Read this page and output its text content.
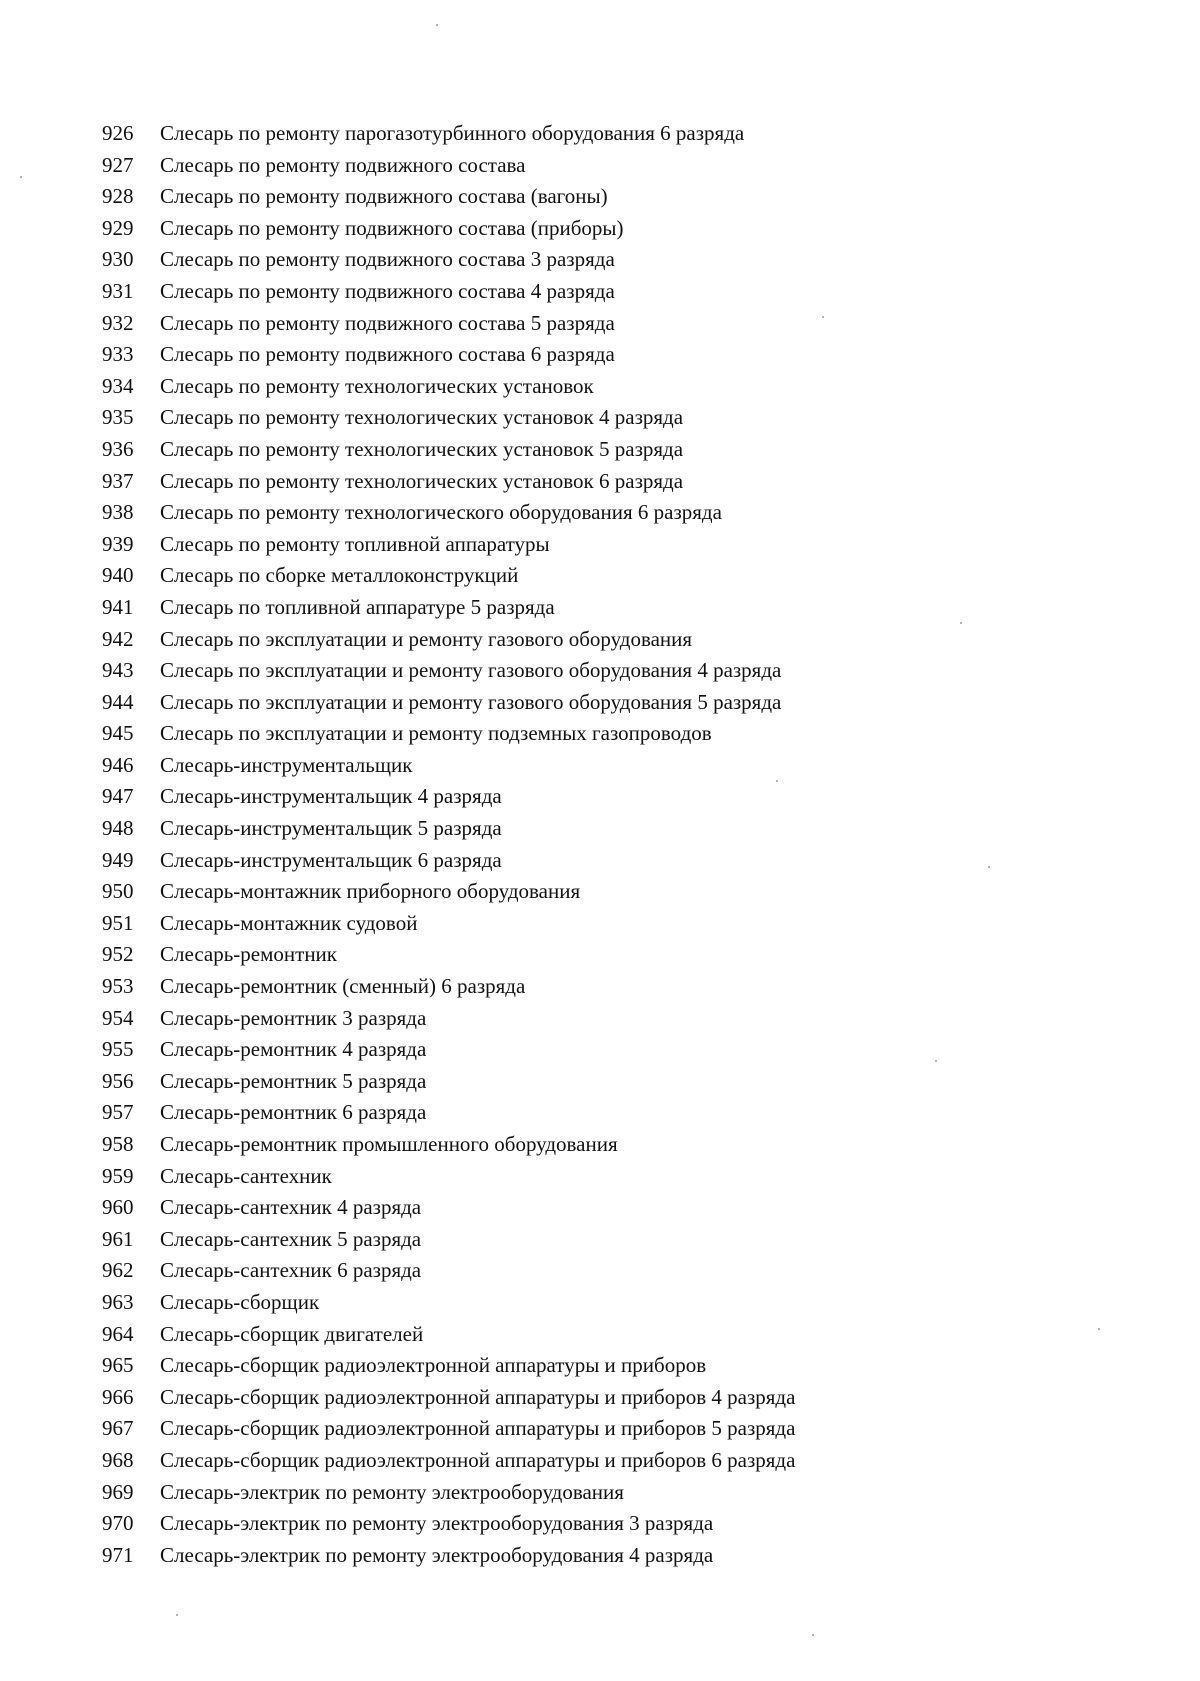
926	Слесарь по ремонту парогазотурбинного оборудования 6 разряда
927	Слесарь по ремонту подвижного состава
928	Слесарь по ремонту подвижного состава (вагоны)
929	Слесарь по ремонту подвижного состава (приборы)
930	Слесарь по ремонту подвижного состава 3 разряда
931	Слесарь по ремонту подвижного состава 4 разряда
932	Слесарь по ремонту подвижного состава 5 разряда
933	Слесарь по ремонту подвижного состава 6 разряда
934	Слесарь по ремонту технологических установок
935	Слесарь по ремонту технологических установок 4 разряда
936	Слесарь по ремонту технологических установок 5 разряда
937	Слесарь по ремонту технологических установок 6 разряда
938	Слесарь по ремонту технологического оборудования 6 разряда
939	Слесарь по ремонту топливной аппаратуры
940	Слесарь по сборке металлоконструкций
941	Слесарь по топливной аппаратуре 5 разряда
942	Слесарь по эксплуатации и ремонту газового оборудования
943	Слесарь по эксплуатации и ремонту газового оборудования 4 разряда
944	Слесарь по эксплуатации и ремонту газового оборудования 5 разряда
945	Слесарь по эксплуатации и ремонту подземных газопроводов
946	Слесарь-инструментальщик
947	Слесарь-инструментальщик 4 разряда
948	Слесарь-инструментальщик 5 разряда
949	Слесарь-инструментальщик 6 разряда
950	Слесарь-монтажник приборного оборудования
951	Слесарь-монтажник судовой
952	Слесарь-ремонтник
953	Слесарь-ремонтник (сменный) 6 разряда
954	Слесарь-ремонтник 3 разряда
955	Слесарь-ремонтник 4 разряда
956	Слесарь-ремонтник 5 разряда
957	Слесарь-ремонтник 6 разряда
958	Слесарь-ремонтник промышленного оборудования
959	Слесарь-сантехник
960	Слесарь-сантехник 4 разряда
961	Слесарь-сантехник 5 разряда
962	Слесарь-сантехник 6 разряда
963	Слесарь-сборщик
964	Слесарь-сборщик двигателей
965	Слесарь-сборщик радиоэлектронной аппаратуры и приборов
966	Слесарь-сборщик радиоэлектронной аппаратуры и приборов 4 разряда
967	Слесарь-сборщик радиоэлектронной аппаратуры и приборов 5 разряда
968	Слесарь-сборщик радиоэлектронной аппаратуры и приборов 6 разряда
969	Слесарь-электрик по ремонту электрооборудования
970	Слесарь-электрик по ремонту электрооборудования 3 разряда
971	Слесарь-электрик по ремонту электрооборудования 4 разряда
